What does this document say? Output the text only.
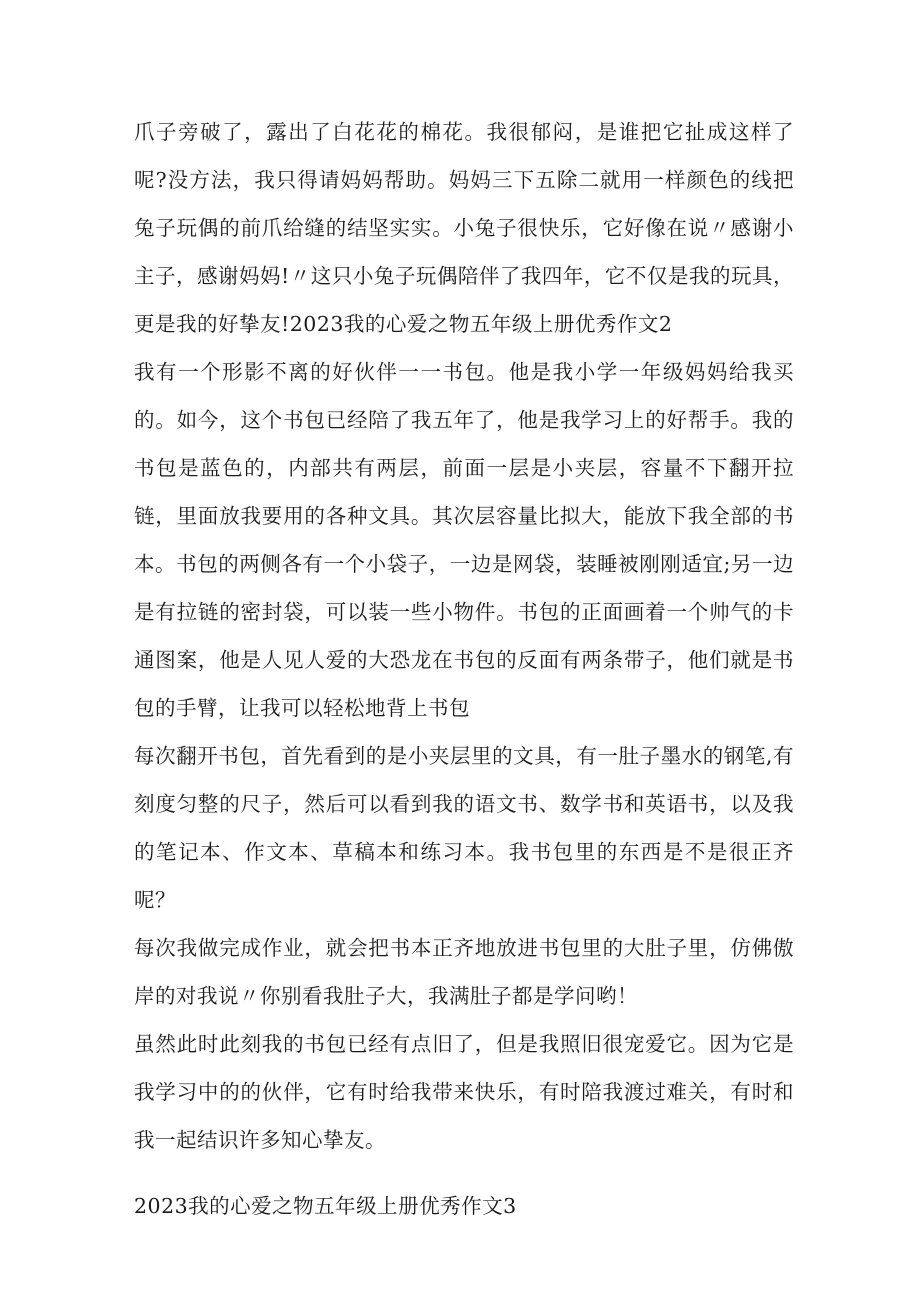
爪子旁破了，露出了白花花的棉花。我很郁闷，是谁把它扯成这样了呢?没方法，我只得请妈妈帮助。妈妈三下五除二就用一样颜色的线把兔子玩偶的前爪给缝的结坚实实。小兔子很快乐，它好像在说〃感谢小主子，感谢妈妈!〃这只小兔子玩偶陪伴了我四年，它不仅是我的玩具，更是我的好挚友!2023我的心爱之物五年级上册优秀作文2

我有一个形影不离的好伙伴一一书包。他是我小学一年级妈妈给我买的。如今，这个书包已经陪了我五年了，他是我学习上的好帮手。我的书包是蓝色的，内部共有两层，前面一层是小夹层，容量不下翻开拉链，里面放我要用的各种文具。其次层容量比拟大，能放下我全部的书本。书包的两侧各有一个小袋子，一边是网袋，装睡被刚刚适宜;另一边是有拉链的密封袋，可以装一些小物件。书包的正面画着一个帅气的卡通图案，他是人见人爱的大恐龙在书包的反面有两条带子，他们就是书包的手臂，让我可以轻松地背上书包

每次翻开书包，首先看到的是小夹层里的文具，有一肚子墨水的钢笔,有刻度匀整的尺子，然后可以看到我的语文书、数学书和英语书，以及我的笔记本、作文本、草稿本和练习本。我书包里的东西是不是很正齐呢？

每次我做完成作业，就会把书本正齐地放进书包里的大肚子里，仿佛傲岸的对我说〃你别看我肚子大，我满肚子都是学问哟！

虽然此时此刻我的书包已经有点旧了，但是我照旧很宠爱它。因为它是我学习中的的伙伴，它有时给我带来快乐，有时陪我渡过难关，有时和我一起结识许多知心挚友。

2023我的心爱之物五年级上册优秀作文3
